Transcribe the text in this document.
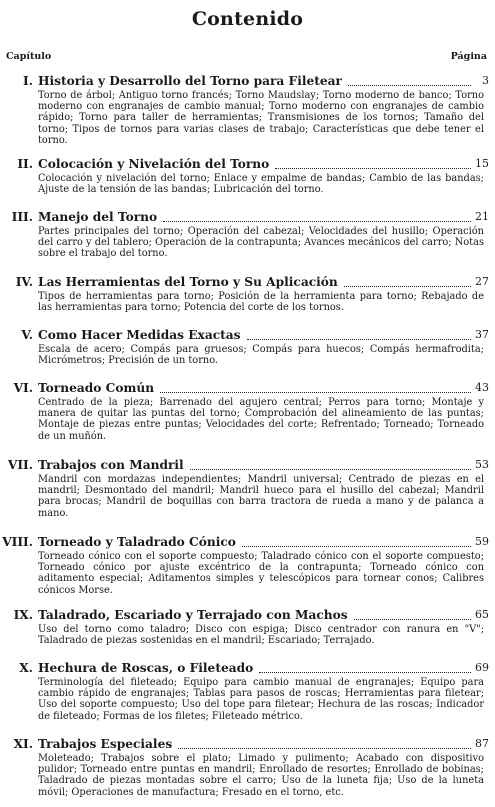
Contenido
Capítulo	Página
I. Historia y Desarrollo del Torno para Filetear	3
Torno de árbol; Antiguo torno francés; Torno Maudslay; Torno moderno de banco; Torno moderno con engranajes de cambio manual; Torno moderno con engranajes de cambio rápido; Torno para taller de herramientas; Transmisiones de los tornos; Tamaño del torno; Tipos de tornos para varias clases de trabajo; Características que debe tener el torno.
II. Colocación y Nivelación del Torno	15
Colocación y nivelación del torno; Enlace y empalme de bandas; Cambio de las bandas; Ajuste de la tensión de las bandas; Lubricación del torno.
III. Manejo del Torno	21
Partes principales del torno; Operación del cabezal; Velocidades del husillo; Operación del carro y del tablero; Operación de la contrapunta; Avances mecánicos del carro; Notas sobre el trabajo del torno.
IV. Las Herramientas del Torno y Su Aplicación	27
Tipos de herramientas para torno; Posición de la herramienta para torno; Rebajado de las herramientas para torno; Potencia del corte de los tornos.
V. Como Hacer Medidas Exactas	37
Escala de acero; Compás para gruesos; Compás para huecos; Compás hermafrodita; Micrómetros; Precisión de un torno.
VI. Torneado Común	43
Centrado de la pieza; Barrenado del agujero central; Perros para torno; Montaje y manera de quitar las puntas del torno; Comprobación del alineamiento de las puntas; Montaje de piezas entre puntas; Velocidades del corte; Refrentado; Torneado; Torneado de un muñón.
VII. Trabajos con Mandril	53
Mandril con mordazas independientes; Mandril universal; Centrado de piezas en el mandril; Desmontado del mandril; Mandril hueco para el husillo del cabezal; Mandril para brocas; Mandril de boquillas con barra tractora de rueda a mano y de palanca a mano.
VIII. Torneado y Taladrado Cónico	59
Torneado cónico con el soporte compuesto; Taladrado cónico con el soporte compuesto; Torneado cónico por ajuste excéntrico de la contrapunta; Torneado cónico con aditamento especial; Aditamentos simples y telescópicos para tornear conos; Calibres cónicos Morse.
IX. Taladrado, Escariado y Terrajado con Machos	65
Uso del torno como taladro; Disco con espiga; Disco centrador con ranura en "V"; Taladrado de piezas sostenidas en el mandril; Escariado; Terrajado.
X. Hechura de Roscas, o Fileteado	69
Terminología del fileteado; Equipo para cambio manual de engranajes; Equipo para cambio rápido de engranajes; Tablas para pasos de roscas; Herramientas para filetear; Uso del soporte compuesto; Uso del tope para filetear; Hechura de las roscas; Indicador de fileteado; Formas de los filetes; Fileteado métrico.
XI. Trabajos Especiales	87
Moleteado; Trabajos sobre el plato; Limado y pulimento; Acabado con dispositivo pulidor; Torneado entre puntas en mandril; Enrollado de resortes; Enrollado de bobinas; Taladrado de piezas montadas sobre el carro; Uso de la luneta fija; Uso de la luneta móvil; Operaciones de manufactura; Fresado en el torno, etc.
